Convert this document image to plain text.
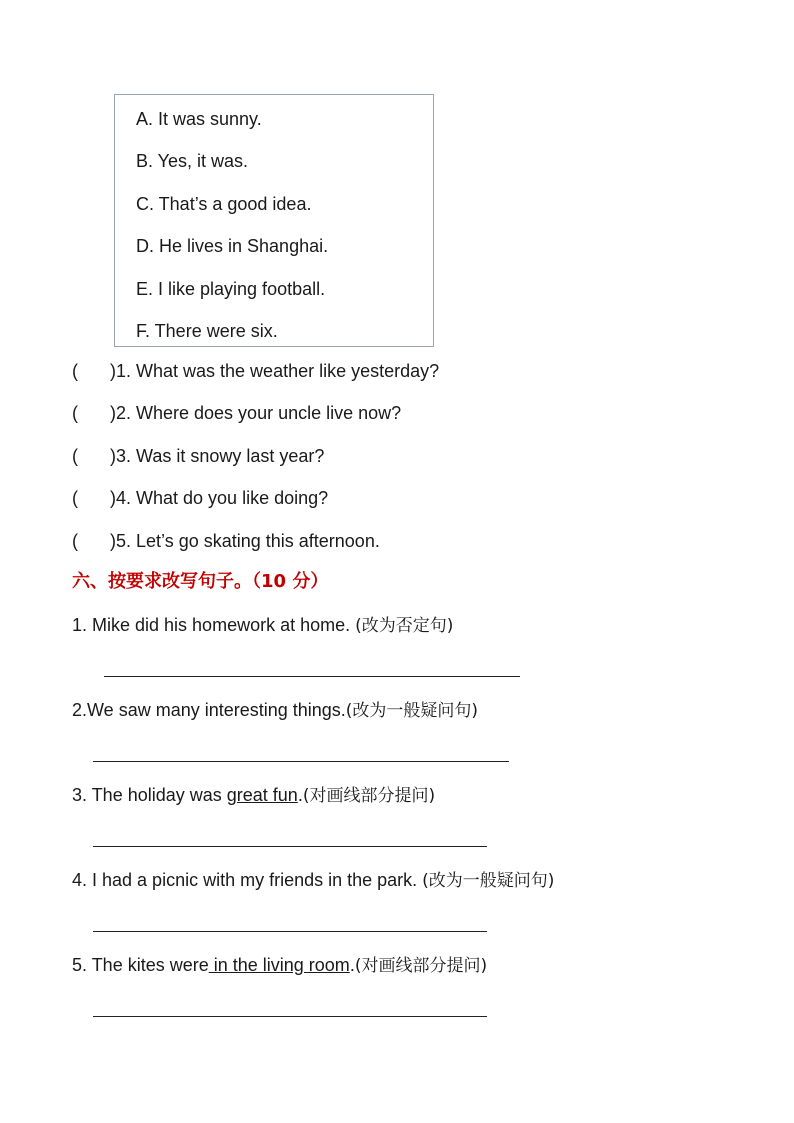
A. It was sunny.
B. Yes, it was.
C. That’s a good idea.
D. He lives in Shanghai.
E. I like playing football.
F. There were six.
( )1. What was the weather like yesterday?
( )2. Where does your uncle live now?
( )3. Was it snowy last year?
( )4. What do you like doing?
( )5. Let’s go skating this afternoon.
六、按要求改写句子。（10 分）
1. Mike did his homework at home. (改为否定句)
2.We saw many interesting things.(改为一般疑问句)
3. The holiday was great fun.(对画线部分提问)
4. I had a picnic with my friends in the park. (改为一般疑问句)
5. The kites were in the living room.(对画线部分提问)
